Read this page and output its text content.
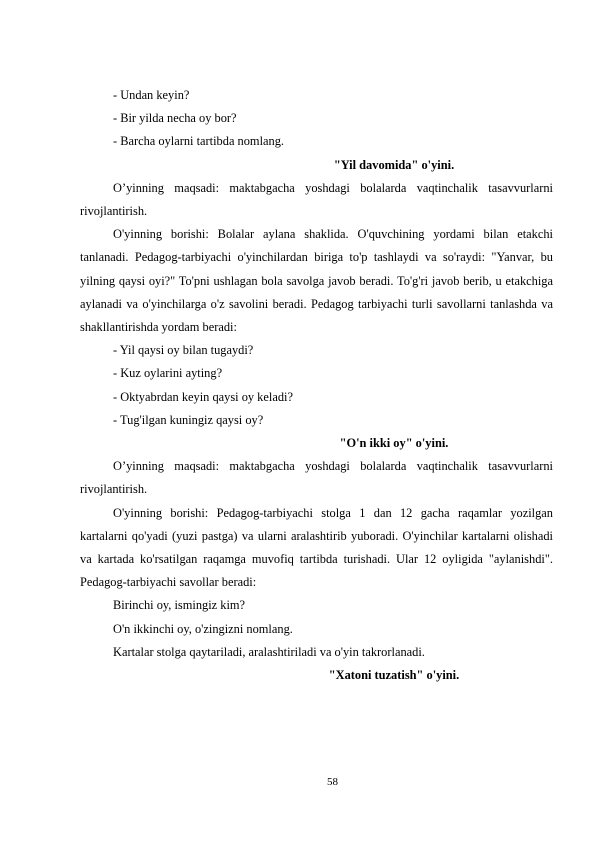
- Undan keyin?

- Bir yilda necha oy bor?

- Barcha oylarni tartibda nomlang.

"Yil davomida" o'yini.

O’yinning maqsadi: maktabgacha yoshdagi bolalarda vaqtinchalik tasavvurlarni rivojlantirish.

O'yinning borishi: Bolalar aylana shaklida. O'quvchining yordami bilan etakchi tanlanadi. Pedagog-tarbiyachi o'yinchilardan biriga to'p tashlaydi va so'raydi: "Yanvar, bu yilning qaysi oyi?" To'pni ushlagan bola savolga javob beradi. To'g'ri javob berib, u etakchiga aylanadi va o'yinchilarga o'z savolini beradi. Pedagog tarbiyachi turli savollarni tanlashda va shakllantirishda yordam beradi:

- Yil qaysi oy bilan tugaydi?

- Kuz oylarini ayting?

- Oktyabrdan keyin qaysi oy keladi?

- Tug'ilgan kuningiz qaysi oy?

"O'n ikki oy" o'yini.

O’yinning maqsadi: maktabgacha yoshdagi bolalarda vaqtinchalik tasavvurlarni rivojlantirish.

O'yinning borishi: Pedagog-tarbiyachi stolga 1 dan 12 gacha raqamlar yozilgan kartalarni qo'yadi (yuzi pastga) va ularni aralashtirib yuboradi. O'yinchilar kartalarni olishadi va kartada ko'rsatilgan raqamga muvofiq tartibda turishadi. Ular 12 oyligida "aylanishdi". Pedagog-tarbiyachi savollar beradi:

Birinchi oy, ismingiz kim?

O'n ikkinchi oy, o'zingizni nomlang.

Kartalar stolga qaytariladi, aralashtiriladi va o'yin takrorlanadi.

"Xatoni tuzatish" o'yini.

58
